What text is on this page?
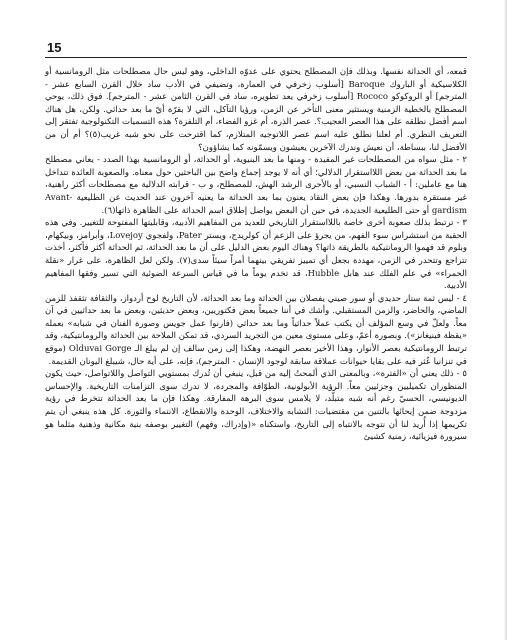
15

قمعه، أي الحداثة نفسها. وبذلك فإن المصطلح يحتوي على عدوّه الداخلي، وهو ليس حال مصطلحات مثل الرومانسية أو الكلاسيكية أو الباروك Baroque [أسلوب زخرفي في العمارة، وتضيفي في الأدب ساد خلال القرن السابع عشر - المترجم] أو الروكوكو Rococo [أسلوب زخرفي يعد تطويره، ساد في القرن الثامن عشر - المترجم]. فوق ذلك، يوحي المصطلح بالخطية الزمنية ويستثير معنى التأخر عن الزمن، ورؤيا التآكل، التي لا بقرّة أيّ ما بعد حداثي. ولكن، هل هناك اسم أفضل نطلقه على هذا العصر العجيب؟. عصر الذرة، أم غزو الفضاء، أم التلفزة؟ هذه التسميات التكنولوجية تفتقر إلى التعريف النظري. أم لعلنا نطلق عليه اسم عصر اللاتوجيه المتلازم، كما اقترحت على نحو شبه غريب(٥)؟ أم أن من الأفضل لنا، ببساطة، أن نعيش وندرك الآخرين يعيشون ويسمّونه كما يشاؤون؟

٢ - مثل سواه من المصطلحات غير المقيدة - ومنها ما بعد البنيوية، أو الحداثة، أو الرومانسية بهذا الصدد - يعاني مصطلح ما بعد الحداثة من بعض اللااستقرار الدلالي؛ أي أنه لا يوجد إجماع واضح بين الباحثين حول معناه. والصعوبة العائدة تتداخل هنا مع عاملين: أ - الشباب النسبي، أو بالأحرى الرشد الهش، للمصطلح، و ب - قرابته الدلالية مع مصطلحات أكثر راهنية، غير مستقرة بدورها. وهكذا فإن بعض النقاد يعنون بما بعد الحداثة ما يعنيه آخرون عند الحديث عن الطليعية Avant-gardism أو حتى الطليعية الجديدة، في حين أن البعض يواصل إطلاق اسم الحداثة على الظاهرة ذاتها(٦).

٣ - ترتبط بذلك صعوبة أخرى خاصة باللااستقرار التاريخي للعديد من المفاهيم الأدبية، وقابليتها المفتوحة للتغيير. وفي هذه الحقبة من استشراس سوء الفهم، من يجرؤ على الزعم أن كولريدج، ويستر Pater، ولفجوي Lovejoy، وأبرامز، وبيكهام، وبلوم قد فهموا الرومانتيكية بالطريقة ذاتها؟ وهناك اليوم بعض الدليل على أن ما بعد الحداثة، ثم الحداثة أكثر فأكثر، أخذت تتراجع وتتحدر في الزمن، مهددة بجعل أي تمييز تفريقي بينهما أمراً سيئاً سدى(٧). ولكن لعل الظاهرة، على غرار «نقلة الحمراء» في علم الفلك عند هابل Hubble، قد تخدم يوماً ما في قياس السرعة الضوئية التي تسير وفقها المفاهيم الأدبية.

٤ - ليس ثمة ستار حديدي أو سور صيني يفصلان بين الحداثة وما بعد الحداثة، لأن التاريخ لوح أردواز، والثقافة تثقفذ للزمن الماضي، والحاضر، والزمن المستقبلي. وأشك في أننا جميعاً بعض فكتوريين، وبعض حديثين، وبعض ما بعد حداثيين في آن معاً. ولعلّ في وسع المؤلف أن يكتب عملاً حداثياً وما بعد حداثي (فارنوا عمل جويس وصورة الفنان في شبابه» بعمله «يقظة فينيغانز»). وبصورة أعمّ، وعلى مستوى معين من التجريد السردي، قد تمكن الملاحة بين الحداثة والرومانتيكية، وقد ترتبط الرومانتيكية بعصر الأنوار، وهذا الأخير بعصر النهضة، وهكذا إلى زمن سالف إن لم يبلغ الـ Olduvai Gorge (موقع في تنزانيا عُثر فيه على بقايا حيوانات عملاقة سابقة لوجود الإنسان - المترجم)، فإنه، على أية حال، شيبلغ اليونان القديمة.

٥ - ذلك يعني أن «الفترة»، وبالمعنى الذي ألمحتُ إليه من قبل، ينبغي أن تُدرك بمستويي التواصل واللاتواصل، حيث يكون المنظوران تكميليين وجزئيين معاً. الرؤية الأبولونية، الطوّافة والمجردة، لا تدرك سوى التزامنات التاريخية. والإحساس الديونيسي، الحسيّ رغم أنه شبه متبلّد، لا يلامس سوى البرهة المفارقة. وهكذا فإن ما بعد الحداثة تتخرط في رؤية مزدوجة ضمن إيحائها بالتنين من مقتضيات: التشابه والاختلاف، الوحدة والانقطاع، الانتماء والثورة. كل هذه ينبغي أن يتم تكريمها إذا أُريد لنا أن نتوجه بالانتباه إلى التاريخ، واستكناه «(وإدراك، وفهم) التغيير بوصفه بنية مكانية وذهنية مثلما هو سيرورة فيزيائية، زمنية كشيئ
